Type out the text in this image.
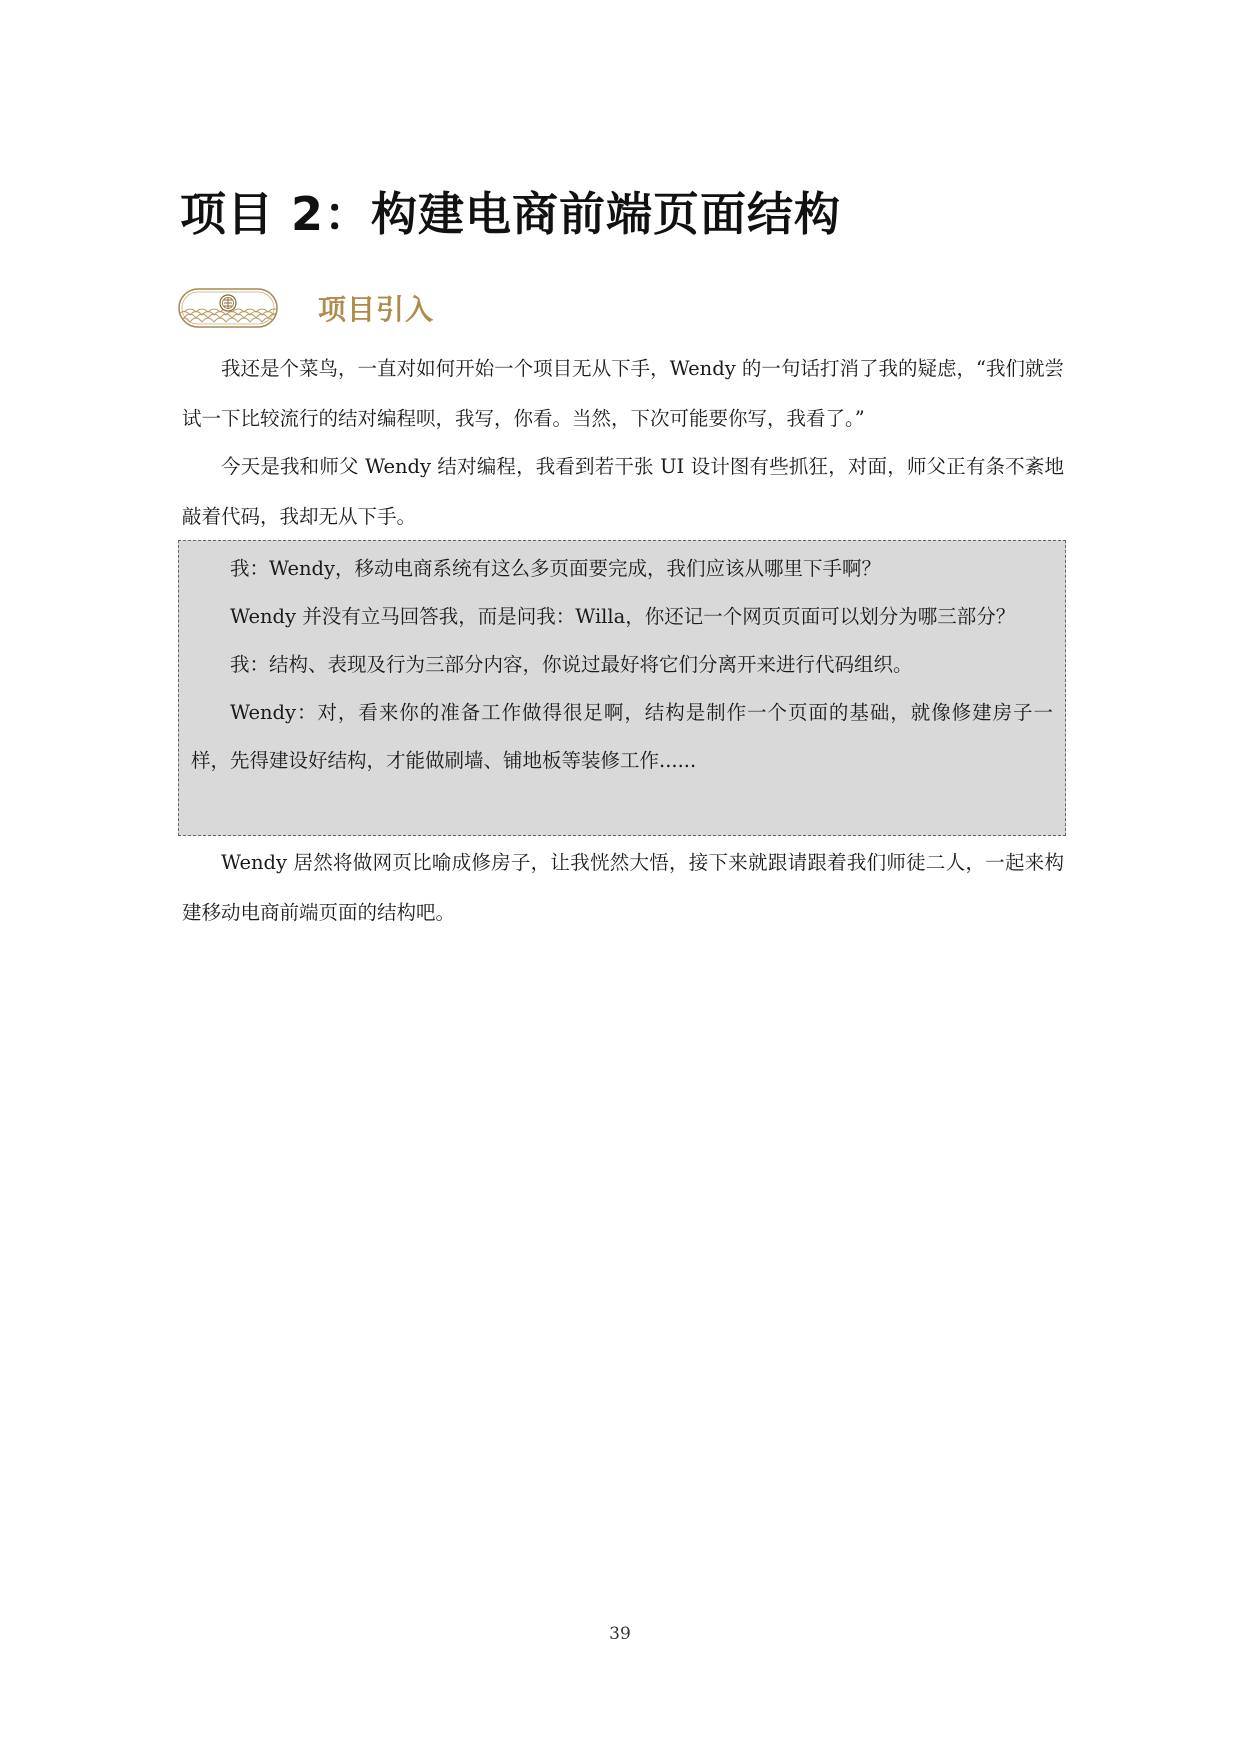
项目 2：构建电商前端页面结构
项目引入

我还是个菜鸟，一直对如何开始一个项目无从下手，Wendy 的一句话打消了我的疑虑，“我们就尝试一下比较流行的结对编程呗，我写，你看。当然，下次可能要你写，我看了。”

今天是我和师父 Wendy 结对编程，我看到若干张 UI 设计图有些抓狂，对面，师父正有条不紊地敲着代码，我却无从下手。

我：Wendy，移动电商系统有这么多页面要完成，我们应该从哪里下手啊？

Wendy 并没有立马回答我，而是问我：Willa，你还记一个网页页面可以划分为哪三部分？

我：结构、表现及行为三部分内容，你说过最好将它们分离开来进行代码组织。

Wendy：对，看来你的准备工作做得很足啊，结构是制作一个页面的基础，就像修建房子一样，先得建设好结构，才能做刷墙、铺地板等装修工作......

Wendy 居然将做网页比喻成修房子，让我恍然大悟，接下来就跟请跟着我们师徒二人，一起来构建移动电商前端页面的结构吧。

39
